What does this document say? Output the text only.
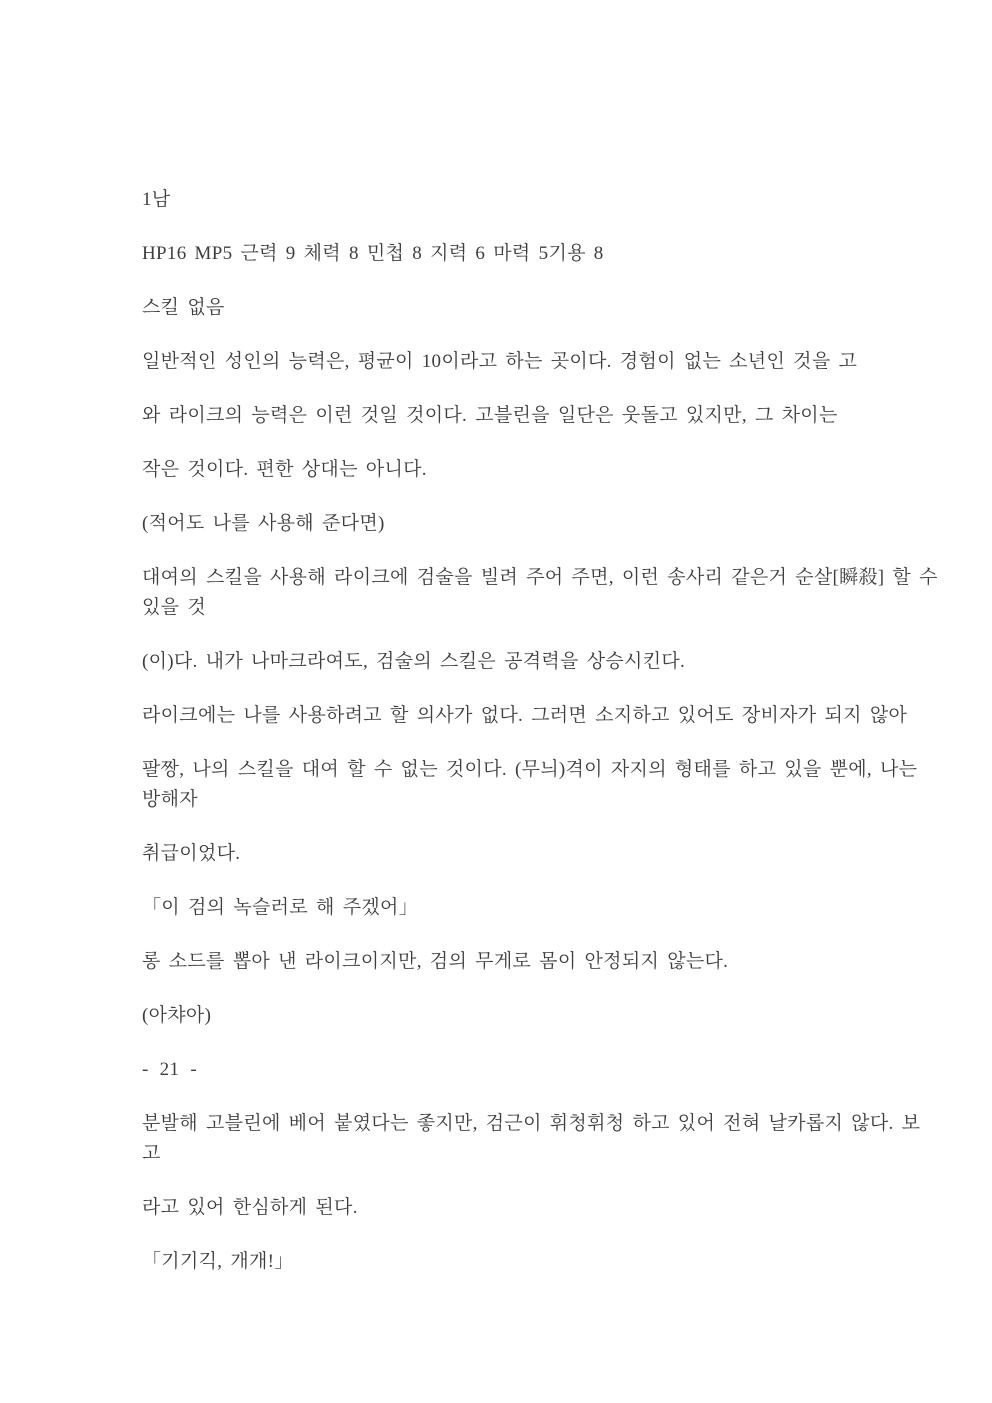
1남
HP16 MP5 근력 9 체력 8 민첩 8 지력 6 마력 5기용 8
스킬 없음
일반적인 성인의 능력은, 평균이 10이라고 하는 곳이다. 경험이 없는 소년인 것을 고
와 라이크의 능력은 이런 것일 것이다. 고블린을 일단은 웃돌고 있지만, 그 차이는
작은 것이다. 편한 상대는 아니다.
(적어도 나를 사용해 준다면)
대여의 스킬을 사용해 라이크에 검술을 빌려 주어 주면, 이런 송사리 같은거 순살[瞬殺] 할 수
있을 것
(이)다. 내가 나마크라여도, 검술의 스킬은 공격력을 상승시킨다.
라이크에는 나를 사용하려고 할 의사가 없다. 그러면 소지하고 있어도 장비자가 되지 않아
팔짱, 나의 스킬을 대여 할 수 없는 것이다. (무늬)격이 자지의 형태를 하고 있을 뿐에, 나는
방해자
취급이었다.
「이 검의 녹슬러로 해 주겠어」
롱 소드를 뽑아 낸 라이크이지만, 검의 무게로 몸이 안정되지 않는다.
(아챠아)
- 21 -
분발해 고블린에 베어 붙였다는 좋지만, 검근이 휘청휘청 하고 있어 전혀 날카롭지 않다. 보
고
라고 있어 한심하게 된다.
「기기긱, 개개!」
